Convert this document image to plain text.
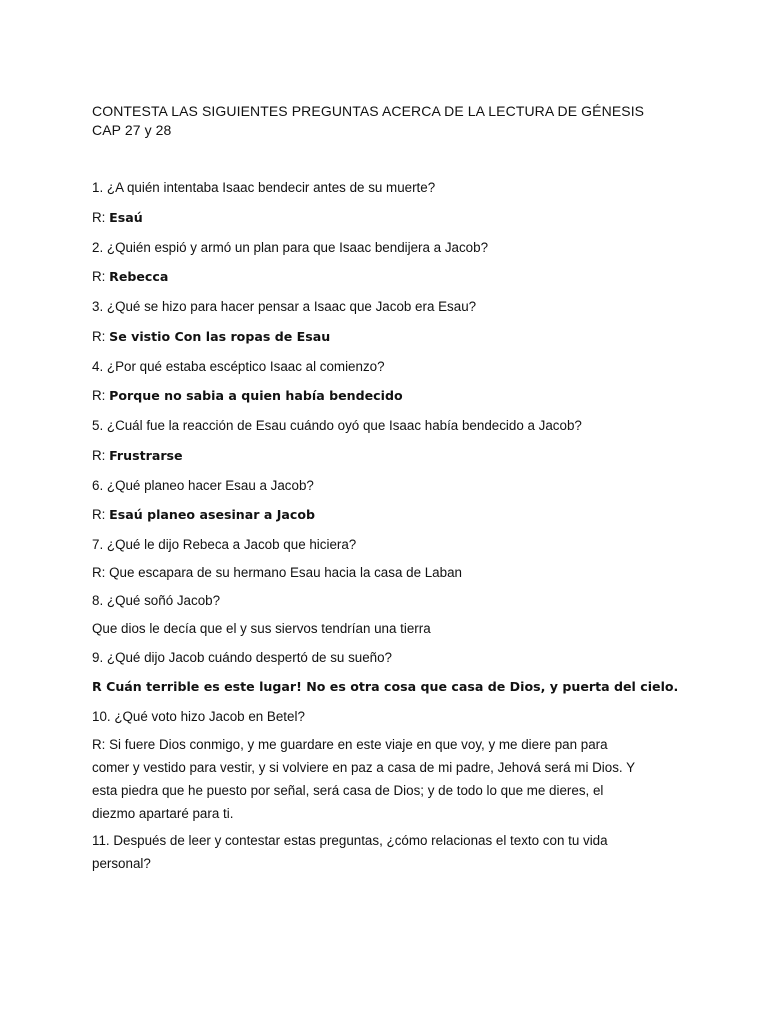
CONTESTA LAS SIGUIENTES PREGUNTAS ACERCA DE LA LECTURA DE GÉNESIS
CAP 27 y 28
1. ¿A quién intentaba Isaac bendecir antes de su muerte?
R: Esaú
2. ¿Quién espió y armó un plan para que Isaac bendijera a Jacob?
R: Rebecca
3. ¿Qué se hizo para hacer pensar a Isaac que Jacob era Esau?
R: Se vistio Con las ropas de Esau
4. ¿Por qué estaba escéptico Isaac al comienzo?
R: Porque no sabia a quien había bendecido
5. ¿Cuál fue la reacción de Esau cuándo oyó que Isaac había bendecido a Jacob?
R: Frustrarse
6. ¿Qué planeo hacer Esau a Jacob?
R: Esaú planeo asesinar a Jacob
7. ¿Qué le dijo Rebeca a Jacob que hiciera?
R: Que escapara de su hermano Esau hacia la casa de Laban
8. ¿Qué soñó Jacob?
Que dios le decía que el y sus siervos tendrían una tierra
9. ¿Qué dijo Jacob cuándo despertó de su sueño?
R Cuán terrible es este lugar! No es otra cosa que casa de Dios, y puerta del cielo.
10. ¿Qué voto hizo Jacob en Betel?
R: Si fuere Dios conmigo, y me guardare en este viaje en que voy, y me diere pan para
comer y vestido para vestir, y si volviere en paz a casa de mi padre, Jehová será mi Dios. Y
esta piedra que he puesto por señal, será casa de Dios; y de todo lo que me dieres, el
diezmo apartaré para ti.
11. Después de leer y contestar estas preguntas, ¿cómo relacionas el texto con tu vida
personal?
